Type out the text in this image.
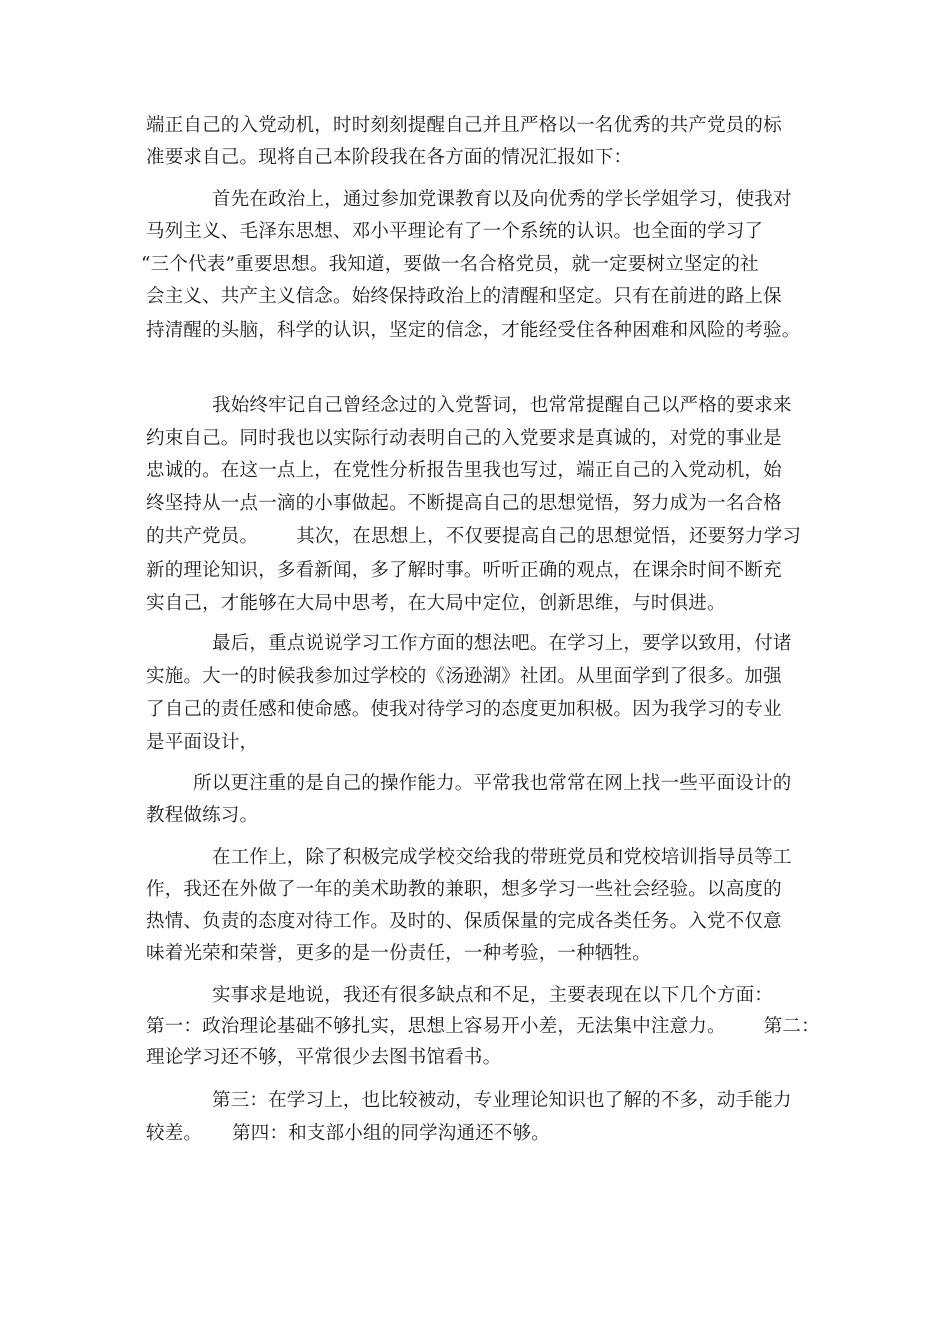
端正自己的入党动机，时时刻刻提醒自己并且严格以一名优秀的共产党员的标
准要求自己。现将自己本阶段我在各方面的情况汇报如下：
首先在政治上，通过参加党课教育以及向优秀的学长学姐学习，使我对
马列主义、毛泽东思想、邓小平理论有了一个系统的认识。也全面的学习了
“三个代表”重要思想。我知道，要做一名合格党员，就一定要树立坚定的社
会主义、共产主义信念。始终保持政治上的清醒和坚定。只有在前进的路上保
持清醒的头脑，科学的认识，坚定的信念，才能经受住各种困难和风险的考验。
我始终牢记自己曾经念过的入党誓词，也常常提醒自己以严格的要求来
约束自己。同时我也以实际行动表明自己的入党要求是真诚的，对党的事业是
忠诚的。在这一点上，在党性分析报告里我也写过，端正自己的入党动机，始
终坚持从一点一滴的小事做起。不断提高自己的思想觉悟，努力成为一名合格
的共产党员。 其次，在思想上，不仅要提高自己的思想觉悟，还要努力学习
新的理论知识，多看新闻，多了解时事。听听正确的观点，在课余时间不断充
实自己，才能够在大局中思考，在大局中定位，创新思维，与时俱进。
最后，重点说说学习工作方面的想法吧。在学习上，要学以致用，付诸
实施。大一的时候我参加过学校的《汤逊湖》社团。从里面学到了很多。加强
了自己的责任感和使命感。使我对待学习的态度更加积极。因为我学习的专业
是平面设计，
所以更注重的是自己的操作能力。平常我也常常在网上找一些平面设计的
教程做练习。
在工作上，除了积极完成学校交给我的带班党员和党校培训指导员等工
作，我还在外做了一年的美术助教的兼职，想多学习一些社会经验。以高度的
热情、负责的态度对待工作。及时的、保质保量的完成各类任务。入党不仅意
味着光荣和荣誉，更多的是一份责任，一种考验，一种牺牲。
实事求是地说，我还有很多缺点和不足，主要表现在以下几个方面：
第一：政治理论基础不够扎实，思想上容易开小差，无法集中注意力。 第二：
理论学习还不够，平常很少去图书馆看书。
第三：在学习上，也比较被动，专业理论知识也了解的不多，动手能力
较差。 第四：和支部小组的同学沟通还不够。
